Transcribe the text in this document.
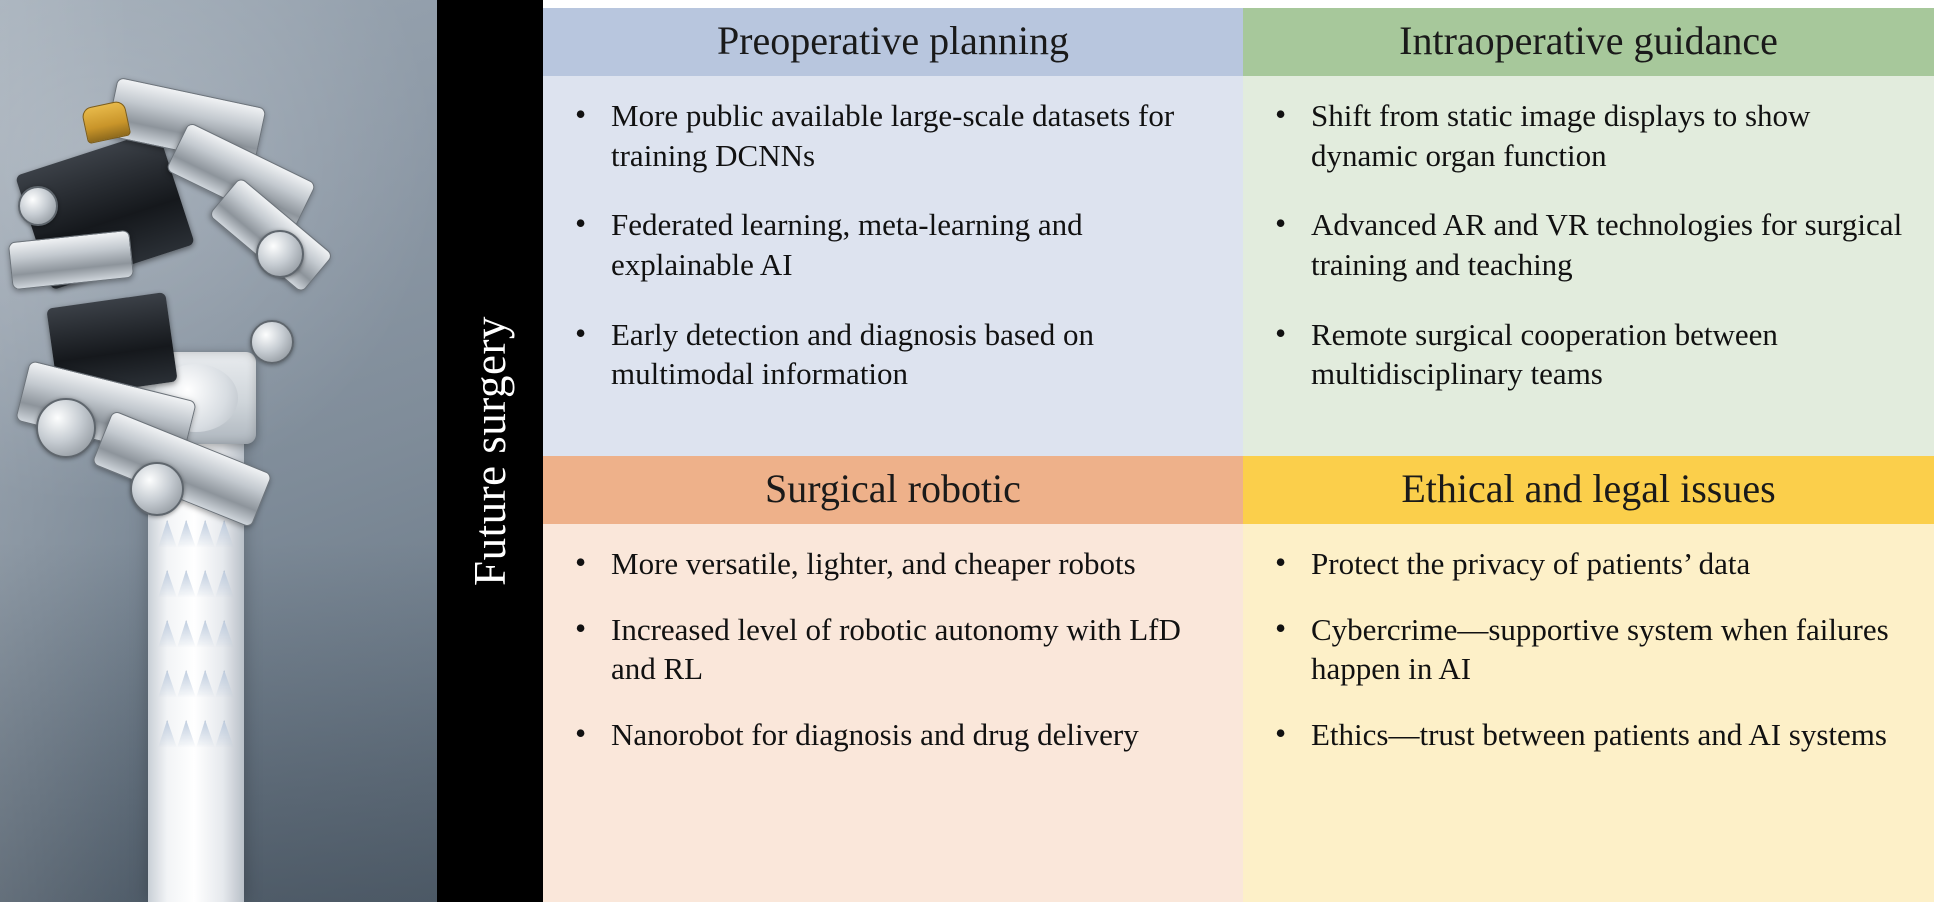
Future surgery
Preoperative planning
• More public available large-scale datasets for training DCNNs
• Federated learning, meta-learning and explainable AI
• Early detection and diagnosis based on multimodal information
Intraoperative guidance
• Shift from static image displays to show dynamic organ function
• Advanced AR and VR technologies for surgical training and teaching
• Remote surgical cooperation between multidisciplinary teams
Surgical robotic
• More versatile, lighter, and cheaper robots
• Increased level of robotic autonomy with LfD and RL
• Nanorobot for diagnosis and drug delivery
Ethical and legal issues
• Protect the privacy of patients’ data
• Cybercrime—supportive system when failures happen in AI
• Ethics—trust between patients and AI systems
